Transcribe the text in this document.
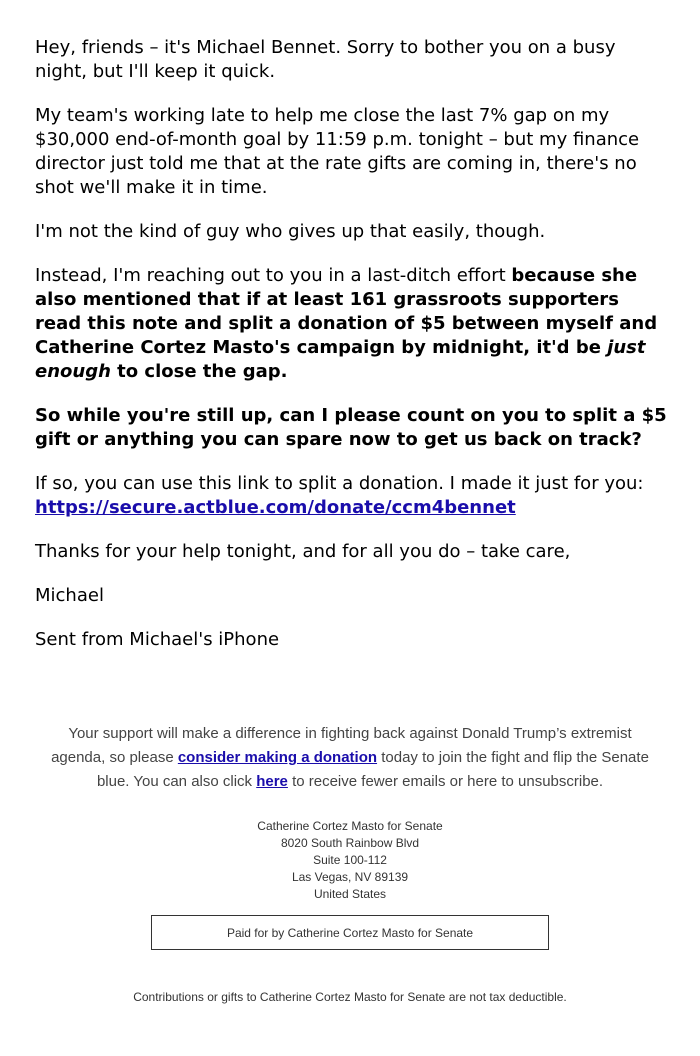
Hey, friends – it's Michael Bennet. Sorry to bother you on a busy night, but I'll keep it quick.

My team's working late to help me close the last 7% gap on my $30,000 end-of-month goal by 11:59 p.m. tonight – but my finance director just told me that at the rate gifts are coming in, there's no shot we'll make it in time.

I'm not the kind of guy who gives up that easily, though.

Instead, I'm reaching out to you in a last-ditch effort because she also mentioned that if at least 161 grassroots supporters read this note and split a donation of $5 between myself and Catherine Cortez Masto's campaign by midnight, it'd be just enough to close the gap.

So while you're still up, can I please count on you to split a $5 gift or anything you can spare now to get us back on track?

If so, you can use this link to split a donation. I made it just for you: https://secure.actblue.com/donate/ccm4bennet

Thanks for your help tonight, and for all you do – take care,

Michael

Sent from Michael's iPhone

Your support will make a difference in fighting back against Donald Trump’s extremist agenda, so please consider making a donation today to join the fight and flip the Senate blue. You can also click here to receive fewer emails or here to unsubscribe.
Catherine Cortez Masto for Senate
8020 South Rainbow Blvd
Suite 100-112
Las Vegas, NV 89139
United States
Paid for by Catherine Cortez Masto for Senate
Contributions or gifts to Catherine Cortez Masto for Senate are not tax deductible.
